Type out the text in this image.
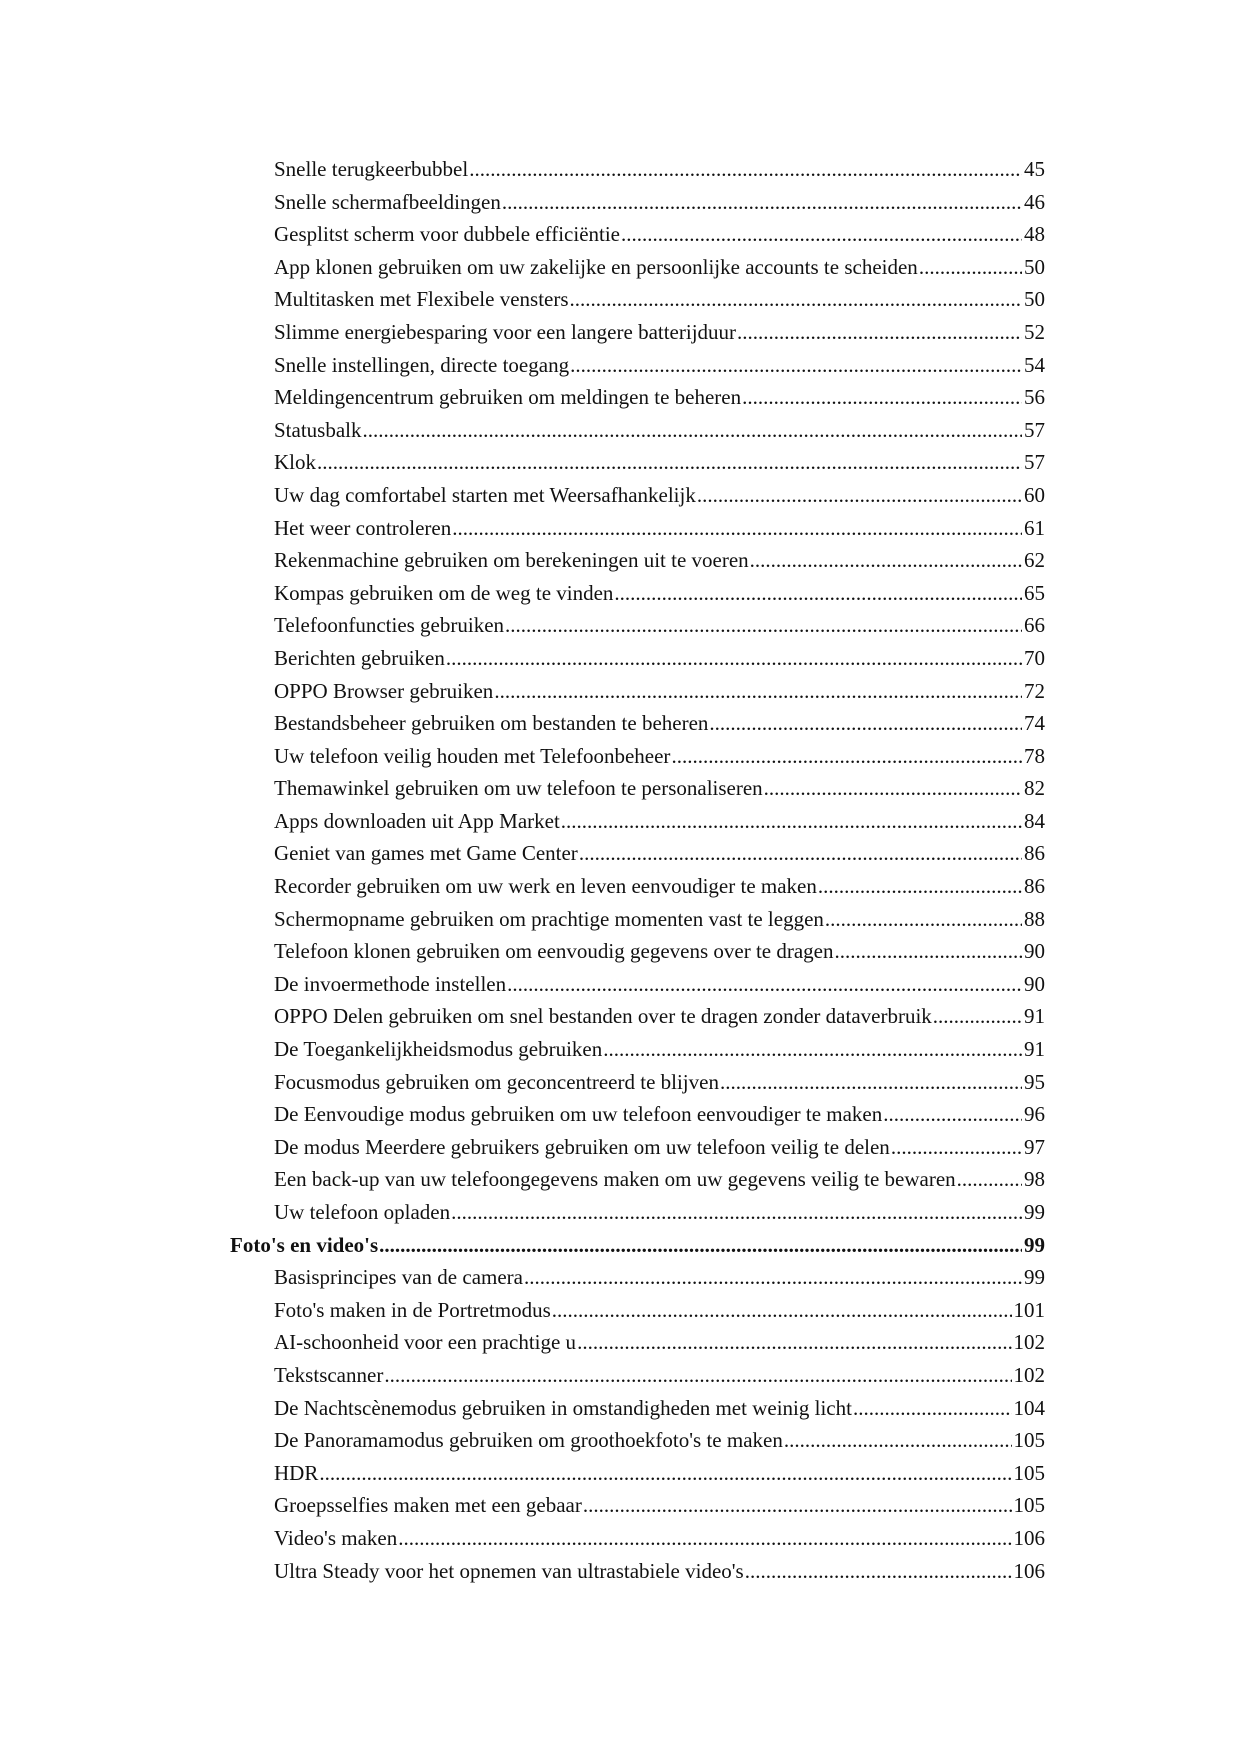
Snelle terugkeerbubbel .....	45
Snelle schermafbeeldingen .....	46
Gesplitst scherm voor dubbele efficiëntie .....	48
App klonen gebruiken om uw zakelijke en persoonlijke accounts te scheiden .....	50
Multitasken met Flexibele vensters .....	50
Slimme energiebesparing voor een langere batterijduur .....	52
Snelle instellingen, directe toegang .....	54
Meldingencentrum gebruiken om meldingen te beheren .....	56
Statusbalk .....	57
Klok .....	57
Uw dag comfortabel starten met Weersafhankelijk .....	60
Het weer controleren .....	61
Rekenmachine gebruiken om berekeningen uit te voeren .....	62
Kompas gebruiken om de weg te vinden .....	65
Telefoonfuncties gebruiken .....	66
Berichten gebruiken .....	70
OPPO Browser gebruiken .....	72
Bestandsbeheer gebruiken om bestanden te beheren .....	74
Uw telefoon veilig houden met Telefoonbeheer .....	78
Themawinkel gebruiken om uw telefoon te personaliseren .....	82
Apps downloaden uit App Market .....	84
Geniet van games met Game Center .....	86
Recorder gebruiken om uw werk en leven eenvoudiger te maken .....	86
Schermopname gebruiken om prachtige momenten vast te leggen .....	88
Telefoon klonen gebruiken om eenvoudig gegevens over te dragen .....	90
De invoermethode instellen .....	90
OPPO Delen gebruiken om snel bestanden over te dragen zonder dataverbruik .....	91
De Toegankelijkheidsmodus gebruiken .....	91
Focusmodus gebruiken om geconcentreerd te blijven .....	95
De Eenvoudige modus gebruiken om uw telefoon eenvoudiger te maken .....	96
De modus Meerdere gebruikers gebruiken om uw telefoon veilig te delen .....	97
Een back-up van uw telefoongegevens maken om uw gegevens veilig te bewaren .....	98
Uw telefoon opladen .....	99
Foto's en video's .....	99
Basisprincipes van de camera .....	99
Foto's maken in de Portretmodus .....	101
AI-schoonheid voor een prachtige u .....	102
Tekstscanner .....	102
De Nachtscènemodus gebruiken in omstandigheden met weinig licht .....	104
De Panoramamodus gebruiken om groothoekfoto's te maken .....	105
HDR .....	105
Groepsselfies maken met een gebaar .....	105
Video's maken .....	106
Ultra Steady voor het opnemen van ultrastabiele video's .....	106
